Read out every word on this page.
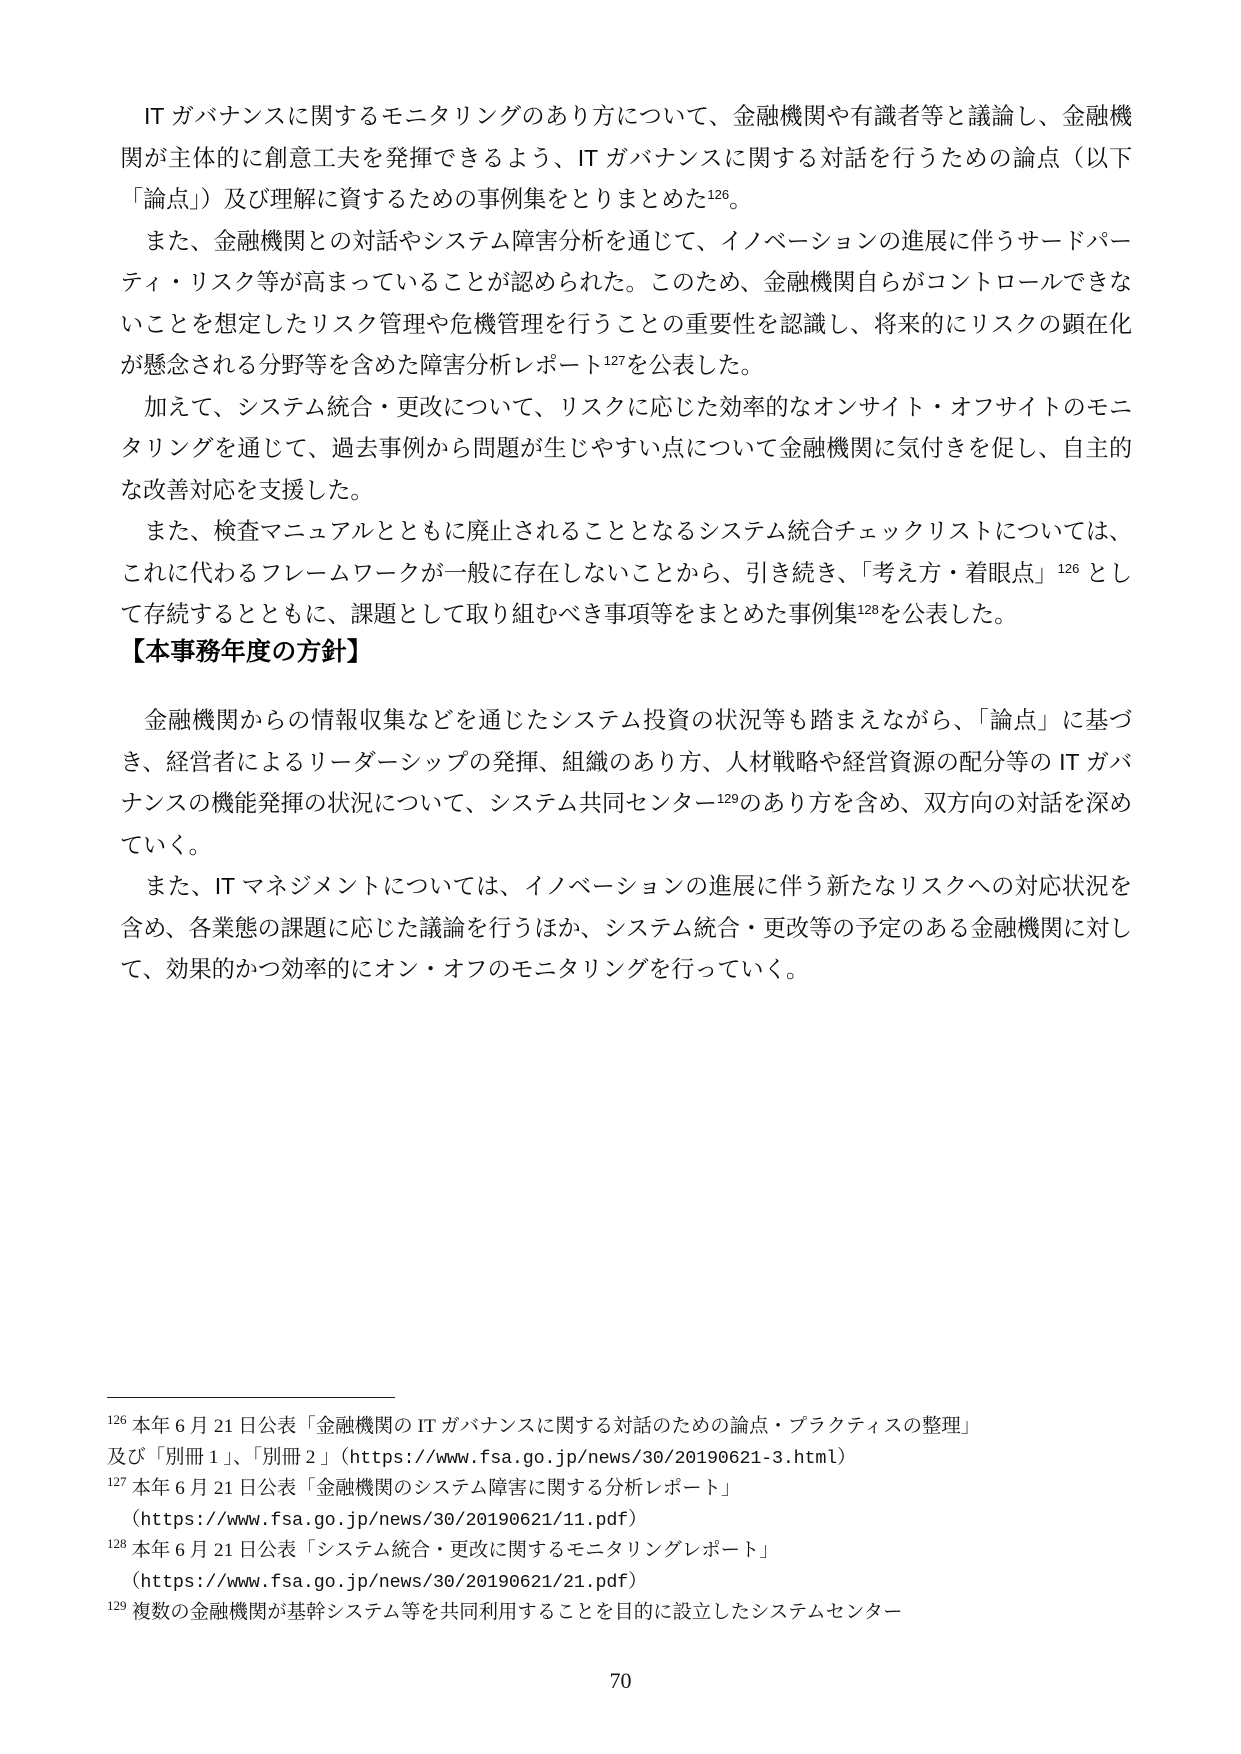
IT ガバナンスに関するモニタリングのあり方について、金融機関や有識者等と議論し、金融機関が主体的に創意工夫を発揮できるよう、IT ガバナンスに関する対話を行うための論点（以下「論点」）及び理解に資するための事例集をとりまとめた$^{126}$。

また、金融機関との対話やシステム障害分析を通じて、イノベーションの進展に伴うサードパーティ・リスク等が高まっていることが認められた。このため、金融機関自らがコントロールできないことを想定したリスク管理や危機管理を行うことの重要性を認識し、将来的にリスクの顕在化が懸念される分野等を含めた障害分析レポート$^{127}$を公表した。

加えて、システム統合・更改について、リスクに応じた効率的なオンサイト・オフサイトのモニタリングを通じて、過去事例から問題が生じやすい点について金融機関に気付きを促し、自主的な改善対応を支援した。

また、検査マニュアルとともに廃止されることとなるシステム統合チェックリストについては、これに代わるフレームワークが一般に存在しないことから、引き続き、「考え方・着眼点」$^{126}$ として存続するとともに、課題として取り組むべき事項等をまとめた事例集$^{128}$を公表した。

【本事務年度の方針】

金融機関からの情報収集などを通じたシステム投資の状況等も踏まえながら、「論点」に基づき、経営者によるリーダーシップの発揮、組織のあり方、人材戦略や経営資源の配分等の IT ガバナンスの機能発揮の状況について、システム共同センター$^{129}$のあり方を含め、双方向の対話を深めていく。

また、IT マネジメントについては、イノベーションの進展に伴う新たなリスクへの対応状況を含め、各業態の課題に応じた議論を行うほか、システム統合・更改等の予定のある金融機関に対して、効果的かつ効率的にオン・オフのモニタリングを行っていく。

$^{126}$ 本年 6 月 21 日公表「金融機関の IT ガバナンスに関する対話のための論点・プラクティスの整理」

及び「別冊 1 」、「別冊 2 」（https://www.fsa.go.jp/news/30/20190621-3.html）

$^{127}$ 本年 6 月 21 日公表「金融機関のシステム障害に関する分析レポート」

（https://www.fsa.go.jp/news/30/20190621/11.pdf）

$^{128}$ 本年 6 月 21 日公表「システム統合・更改に関するモニタリングレポート」

（https://www.fsa.go.jp/news/30/20190621/21.pdf）

$^{129}$ 複数の金融機関が基幹システム等を共同利用することを目的に設立したシステムセンター

70
